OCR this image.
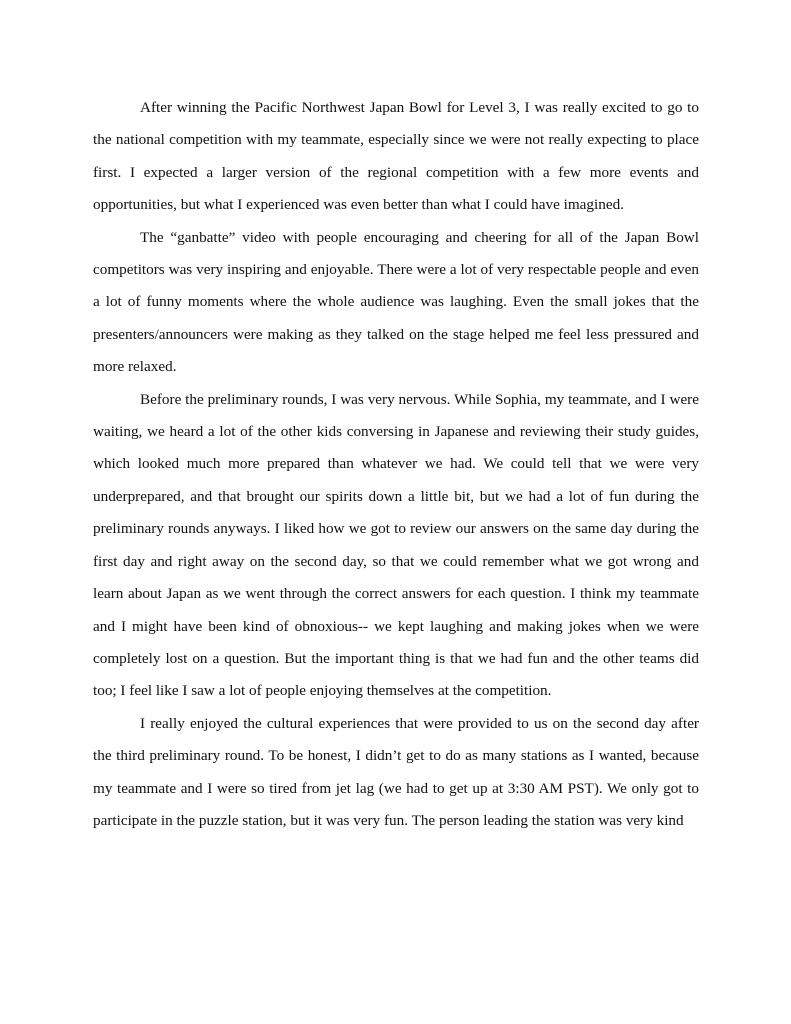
After winning the Pacific Northwest Japan Bowl for Level 3, I was really excited to go to the national competition with my teammate, especially since we were not really expecting to place first. I expected a larger version of the regional competition with a few more events and opportunities, but what I experienced was even better than what I could have imagined.

The “ganbatte” video with people encouraging and cheering for all of the Japan Bowl competitors was very inspiring and enjoyable. There were a lot of very respectable people and even a lot of funny moments where the whole audience was laughing. Even the small jokes that the presenters/announcers were making as they talked on the stage helped me feel less pressured and more relaxed.

Before the preliminary rounds, I was very nervous. While Sophia, my teammate, and I were waiting, we heard a lot of the other kids conversing in Japanese and reviewing their study guides, which looked much more prepared than whatever we had. We could tell that we were very underprepared, and that brought our spirits down a little bit, but we had a lot of fun during the preliminary rounds anyways. I liked how we got to review our answers on the same day during the first day and right away on the second day, so that we could remember what we got wrong and learn about Japan as we went through the correct answers for each question. I think my teammate and I might have been kind of obnoxious-- we kept laughing and making jokes when we were completely lost on a question. But the important thing is that we had fun and the other teams did too; I feel like I saw a lot of people enjoying themselves at the competition.

I really enjoyed the cultural experiences that were provided to us on the second day after the third preliminary round. To be honest, I didn’t get to do as many stations as I wanted, because my teammate and I were so tired from jet lag (we had to get up at 3:30 AM PST). We only got to participate in the puzzle station, but it was very fun. The person leading the station was very kind
